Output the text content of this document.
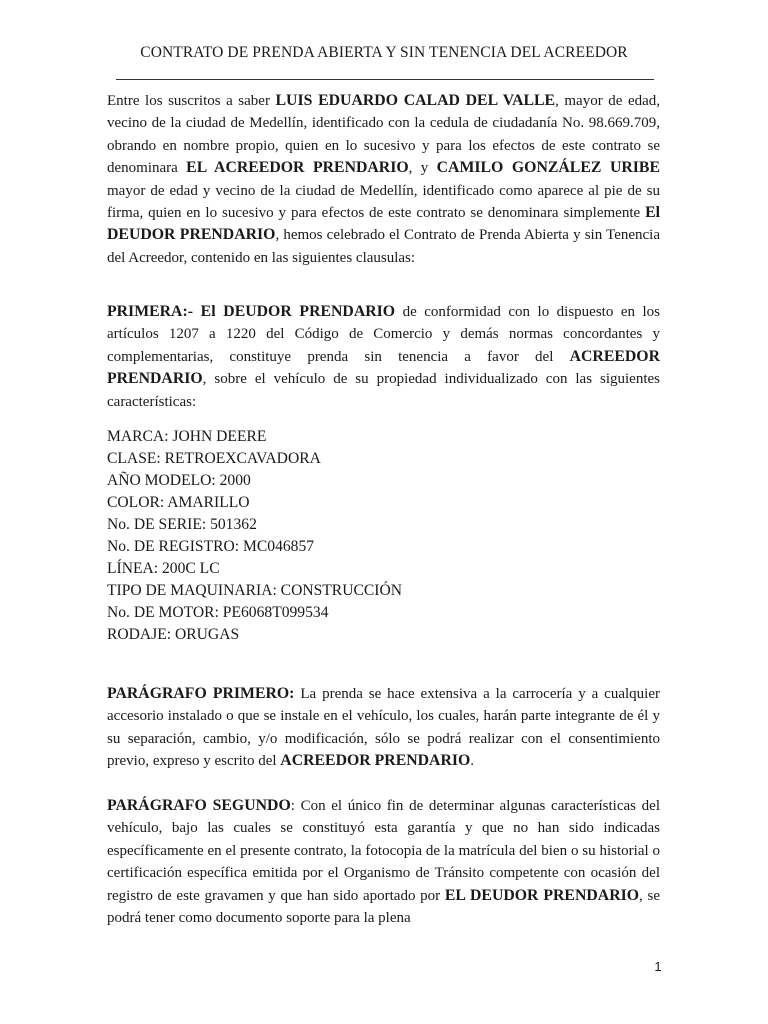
CONTRATO DE PRENDA ABIERTA Y SIN TENENCIA DEL ACREEDOR

Entre los suscritos a saber LUIS EDUARDO CALAD DEL VALLE, mayor de edad, vecino de la ciudad de Medellín, identificado con la cedula de ciudadanía No. 98.669.709, obrando en nombre propio, quien en lo sucesivo y para los efectos de este contrato se denominara EL ACREEDOR PRENDARIO, y CAMILO GONZÁLEZ URIBE mayor de edad y vecino de la ciudad de Medellín, identificado como aparece al pie de su firma, quien en lo sucesivo y para efectos de este contrato se denominara simplemente El DEUDOR PRENDARIO, hemos celebrado el Contrato de Prenda Abierta y sin Tenencia del Acreedor, contenido en las siguientes clausulas:

PRIMERA:- El DEUDOR PRENDARIO de conformidad con lo dispuesto en los artículos 1207 a 1220 del Código de Comercio y demás normas concordantes y complementarias, constituye prenda sin tenencia a favor del ACREEDOR PRENDARIO, sobre el vehículo de su propiedad individualizado con las siguientes características:

MARCA: JOHN DEERE
CLASE: RETROEXCAVADORA
AÑO MODELO: 2000
COLOR: AMARILLO
No. DE SERIE: 501362
No. DE REGISTRO: MC046857
LÍNEA: 200C LC
TIPO DE MAQUINARIA: CONSTRUCCIÓN
No. DE MOTOR: PE6068T099534
RODAJE: ORUGAS

PARÁGRAFO PRIMERO: La prenda se hace extensiva a la carrocería y a cualquier accesorio instalado o que se instale en el vehículo, los cuales, harán parte integrante de él y su separación, cambio, y/o modificación, sólo se podrá realizar con el consentimiento previo, expreso y escrito del ACREEDOR PRENDARIO.

PARÁGRAFO SEGUNDO: Con el único fin de determinar algunas características del vehículo, bajo las cuales se constituyó esta garantía y que no han sido indicadas específicamente en el presente contrato, la fotocopia de la matrícula del bien o su historial o certificación específica emitida por el Organismo de Tránsito competente con ocasión del registro de este gravamen y que han sido aportado por EL DEUDOR PRENDARIO, se podrá tener como documento soporte para la plena

1
